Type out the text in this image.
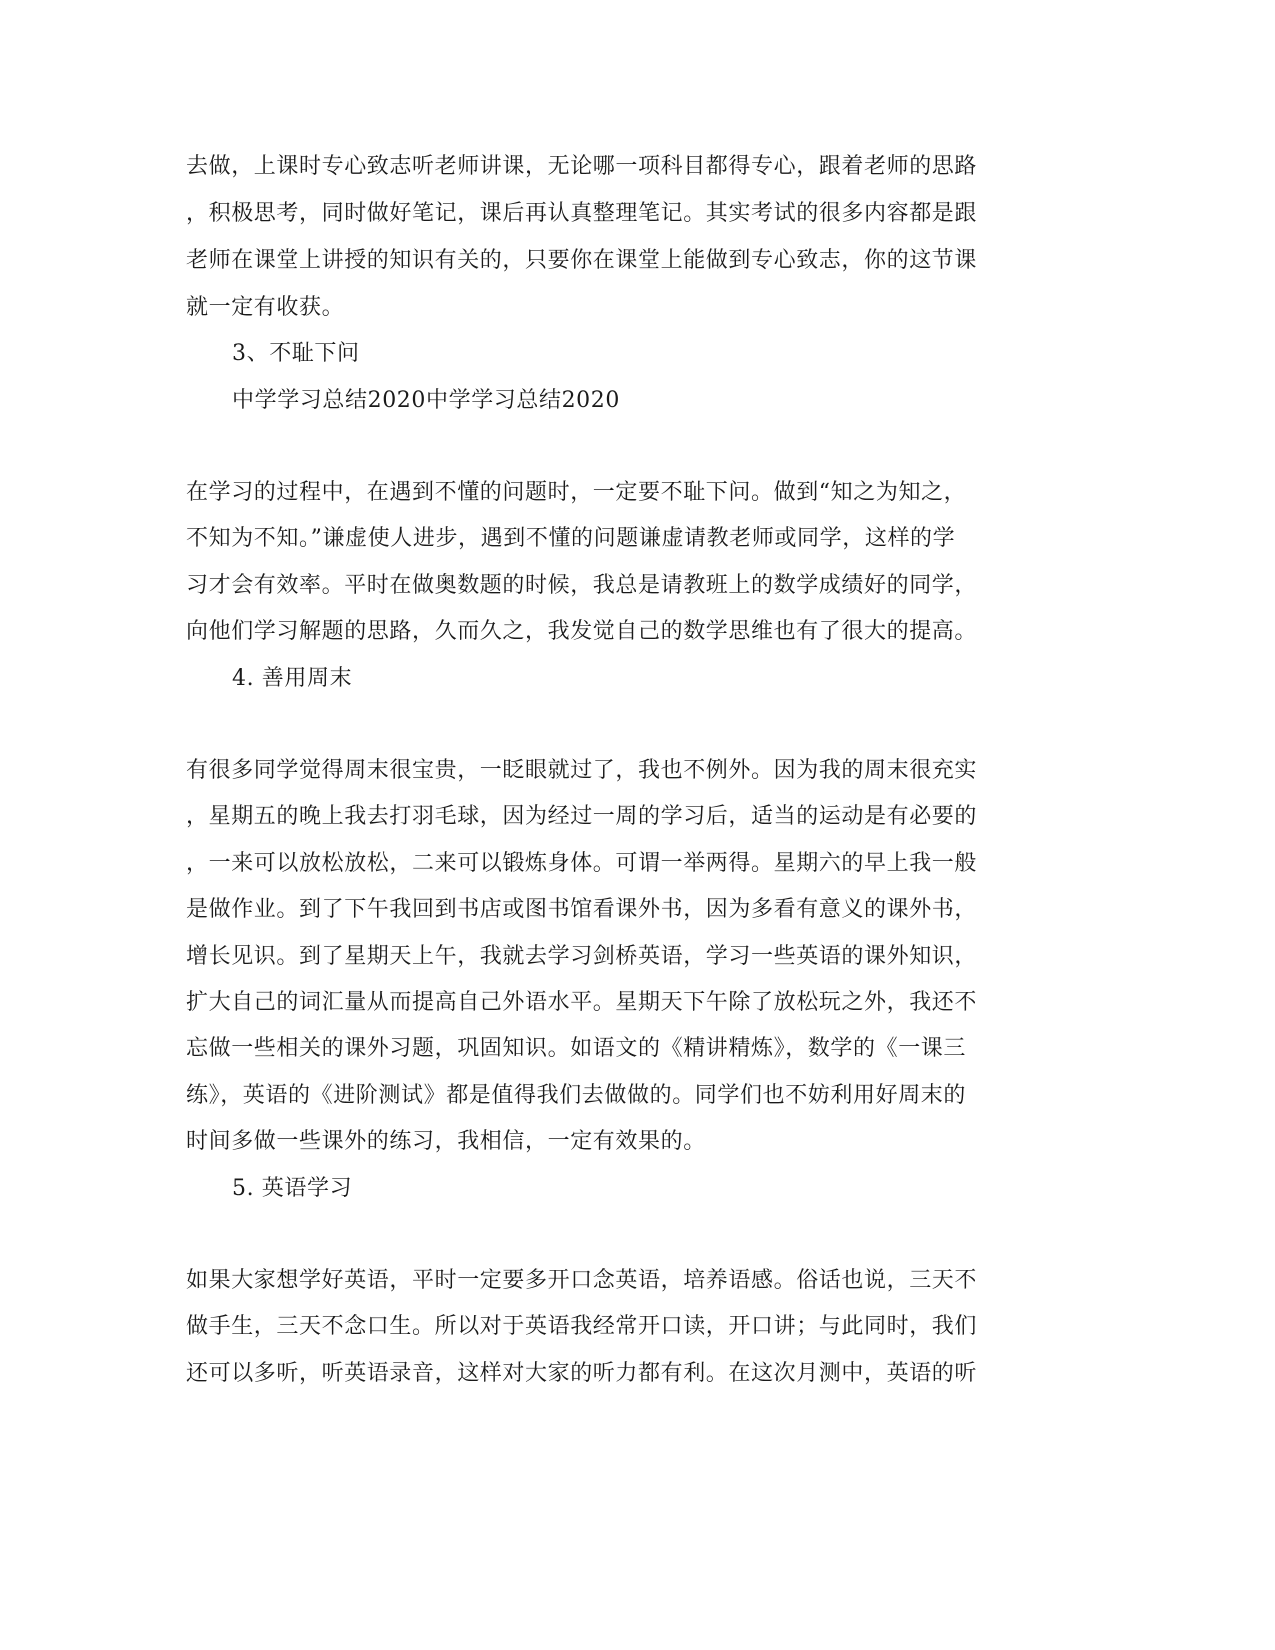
去做，上课时专心致志听老师讲课，无论哪一项科目都得专心，跟着老师的思路
，积极思考，同时做好笔记，课后再认真整理笔记。其实考试的很多内容都是跟
老师在课堂上讲授的知识有关的，只要你在课堂上能做到专心致志，你的这节课
就一定有收获。
3、不耻下问
中学学习总结2020中学学习总结2020
在学习的过程中，在遇到不懂的问题时，一定要不耻下问。做到“知之为知之，
不知为不知。”谦虚使人进步，遇到不懂的问题谦虚请教老师或同学，这样的学
习才会有效率。平时在做奥数题的时候，我总是请教班上的数学成绩好的同学，
向他们学习解题的思路，久而久之，我发觉自己的数学思维也有了很大的提高。
4. 善用周末
有很多同学觉得周末很宝贵，一眨眼就过了，我也不例外。因为我的周末很充实
，星期五的晚上我去打羽毛球，因为经过一周的学习后，适当的运动是有必要的
，一来可以放松放松，二来可以锻炼身体。可谓一举两得。星期六的早上我一般
是做作业。到了下午我回到书店或图书馆看课外书，因为多看有意义的课外书，
增长见识。到了星期天上午，我就去学习剑桥英语，学习一些英语的课外知识，
扩大自己的词汇量从而提高自己外语水平。星期天下午除了放松玩之外，我还不
忘做一些相关的课外习题，巩固知识。如语文的《精讲精炼》，数学的《一课三
练》，英语的《进阶测试》都是值得我们去做做的。同学们也不妨利用好周末的
时间多做一些课外的练习，我相信，一定有效果的。
5. 英语学习
如果大家想学好英语，平时一定要多开口念英语，培养语感。俗话也说，三天不
做手生，三天不念口生。所以对于英语我经常开口读，开口讲；与此同时，我们
还可以多听，听英语录音，这样对大家的听力都有利。在这次月测中，英语的听
